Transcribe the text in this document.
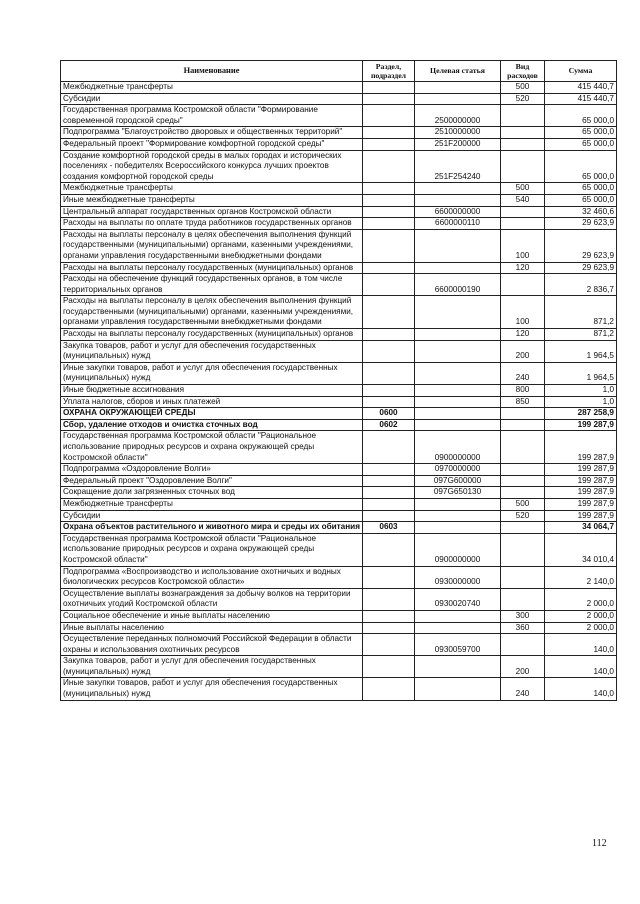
Наименование	Раздел, подраздел	Целевая статья	Вид расходов	Сумма
Межбюджетные трансферты			500	415 440,7
Субсидии			520	415 440,7
Государственная программа Костромской области "Формирование современной городской среды"		2500000000		65 000,0
Подпрограмма "Благоустройство дворовых и общественных территорий"		2510000000		65 000,0
Федеральный проект "Формирование комфортной городской среды"		251F200000		65 000,0
Создание комфортной городской среды в малых городах и исторических поселениях - победителях Всероссийского конкурса лучших проектов создания комфортной городской среды		251F254240		65 000,0
Межбюджетные трансферты			500	65 000,0
Иные межбюджетные трансферты			540	65 000,0
Центральный аппарат государственных органов Костромской области		6600000000		32 460,6
Расходы на выплаты по оплате труда работников государственных органов		6600000110		29 623,9
Расходы на выплаты персоналу в целях обеспечения выполнения функций государственными (муниципальными) органами, казенными учреждениями, органами управления государственными внебюджетными фондами			100	29 623,9
Расходы на выплаты персоналу государственных (муниципальных) органов			120	29 623,9
Расходы на обеспечение функций государственных органов, в том числе территориальных органов		6600000190		2 836,7
Расходы на выплаты персоналу в целях обеспечения выполнения функций государственными (муниципальными) органами, казенными учреждениями, органами управления государственными внебюджетными фондами			100	871,2
Расходы на выплаты персоналу государственных (муниципальных) органов			120	871,2
Закупка товаров, работ и услуг для обеспечения государственных (муниципальных) нужд			200	1 964,5
Иные закупки товаров, работ и услуг для обеспечения государственных (муниципальных) нужд			240	1 964,5
Иные бюджетные ассигнования			800	1,0
Уплата налогов, сборов и иных платежей			850	1,0
ОХРАНА ОКРУЖАЮЩЕЙ СРЕДЫ	0600			287 258,9
Сбор, удаление отходов и очистка сточных вод	0602			199 287,9
Государственная программа Костромской области "Рациональное использование природных ресурсов и охрана окружающей среды Костромской области"		0900000000		199 287,9
Подпрограмма «Оздоровление Волги»		0970000000		199 287,9
Федеральный проект "Оздоровление Волги"		097G600000		199 287,9
Сокращение доли загрязненных сточных вод		097G650130		199 287,9
Межбюджетные трансферты			500	199 287,9
Субсидии			520	199 287,9
Охрана объектов растительного и животного мира и среды их обитания	0603			34 064,7
Государственная программа Костромской области "Рациональное использование природных ресурсов и охрана окружающей среды Костромской области"		0900000000		34 010,4
Подпрограмма «Воспроизводство и использование охотничьих и водных биологических ресурсов Костромской области»		0930000000		2 140,0
Осуществление выплаты вознаграждения за добычу волков на территории охотничьих угодий Костромской области		0930020740		2 000,0
Социальное обеспечение и иные выплаты населению			300	2 000,0
Иные выплаты населению			360	2 000,0
Осуществление переданных полномочий Российской Федерации в области охраны и использования охотничьих ресурсов		0930059700		140,0
Закупка товаров, работ и услуг для обеспечения государственных (муниципальных) нужд			200	140,0
Иные закупки товаров, работ и услуг для обеспечения государственных (муниципальных) нужд			240	140,0
112
